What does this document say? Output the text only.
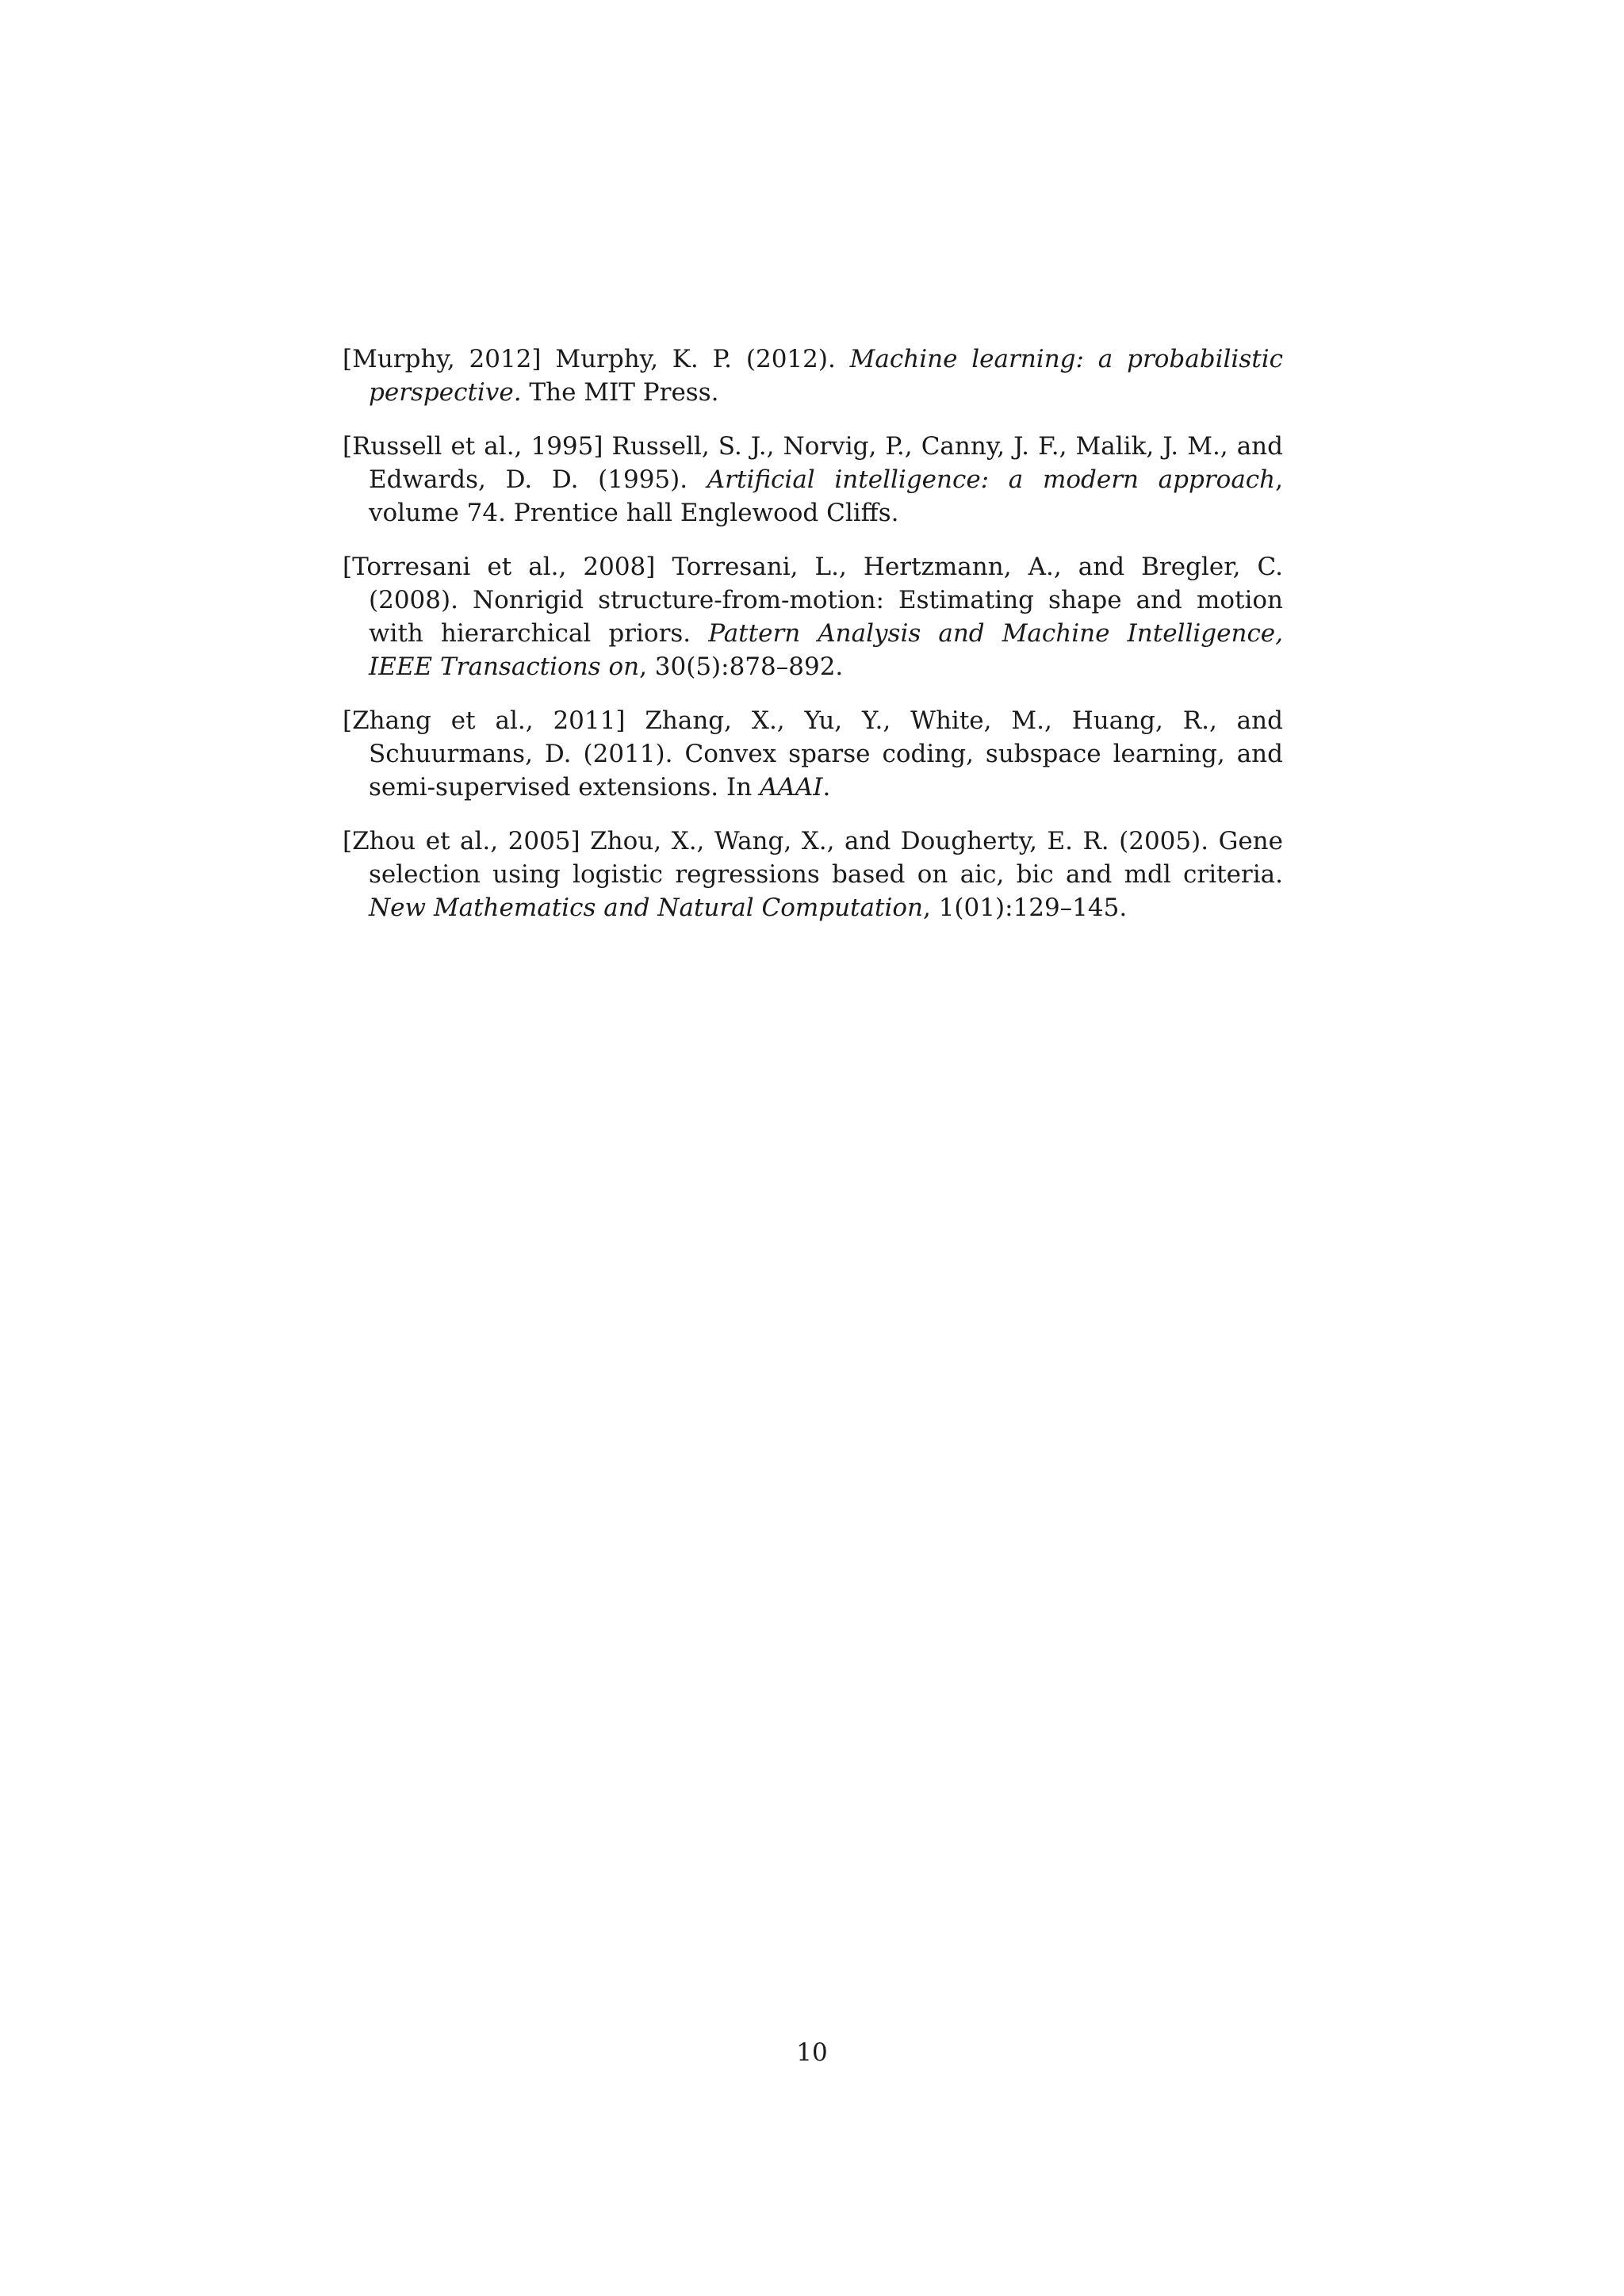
[Murphy, 2012] Murphy, K. P. (2012). Machine learning: a probabilistic perspective. The MIT Press.

[Russell et al., 1995] Russell, S. J., Norvig, P., Canny, J. F., Malik, J. M., and Edwards, D. D. (1995). Artificial intelligence: a modern approach, volume 74. Prentice hall Englewood Cliffs.

[Torresani et al., 2008] Torresani, L., Hertzmann, A., and Bregler, C. (2008). Nonrigid structure-from-motion: Estimating shape and motion with hierarchical priors. Pattern Analysis and Machine Intelligence, IEEE Transactions on, 30(5):878–892.

[Zhang et al., 2011] Zhang, X., Yu, Y., White, M., Huang, R., and Schuurmans, D. (2011). Convex sparse coding, subspace learning, and semi-supervised extensions. In AAAI.

[Zhou et al., 2005] Zhou, X., Wang, X., and Dougherty, E. R. (2005). Gene selection using logistic regressions based on aic, bic and mdl criteria. New Mathematics and Natural Computation, 1(01):129–145.

10
